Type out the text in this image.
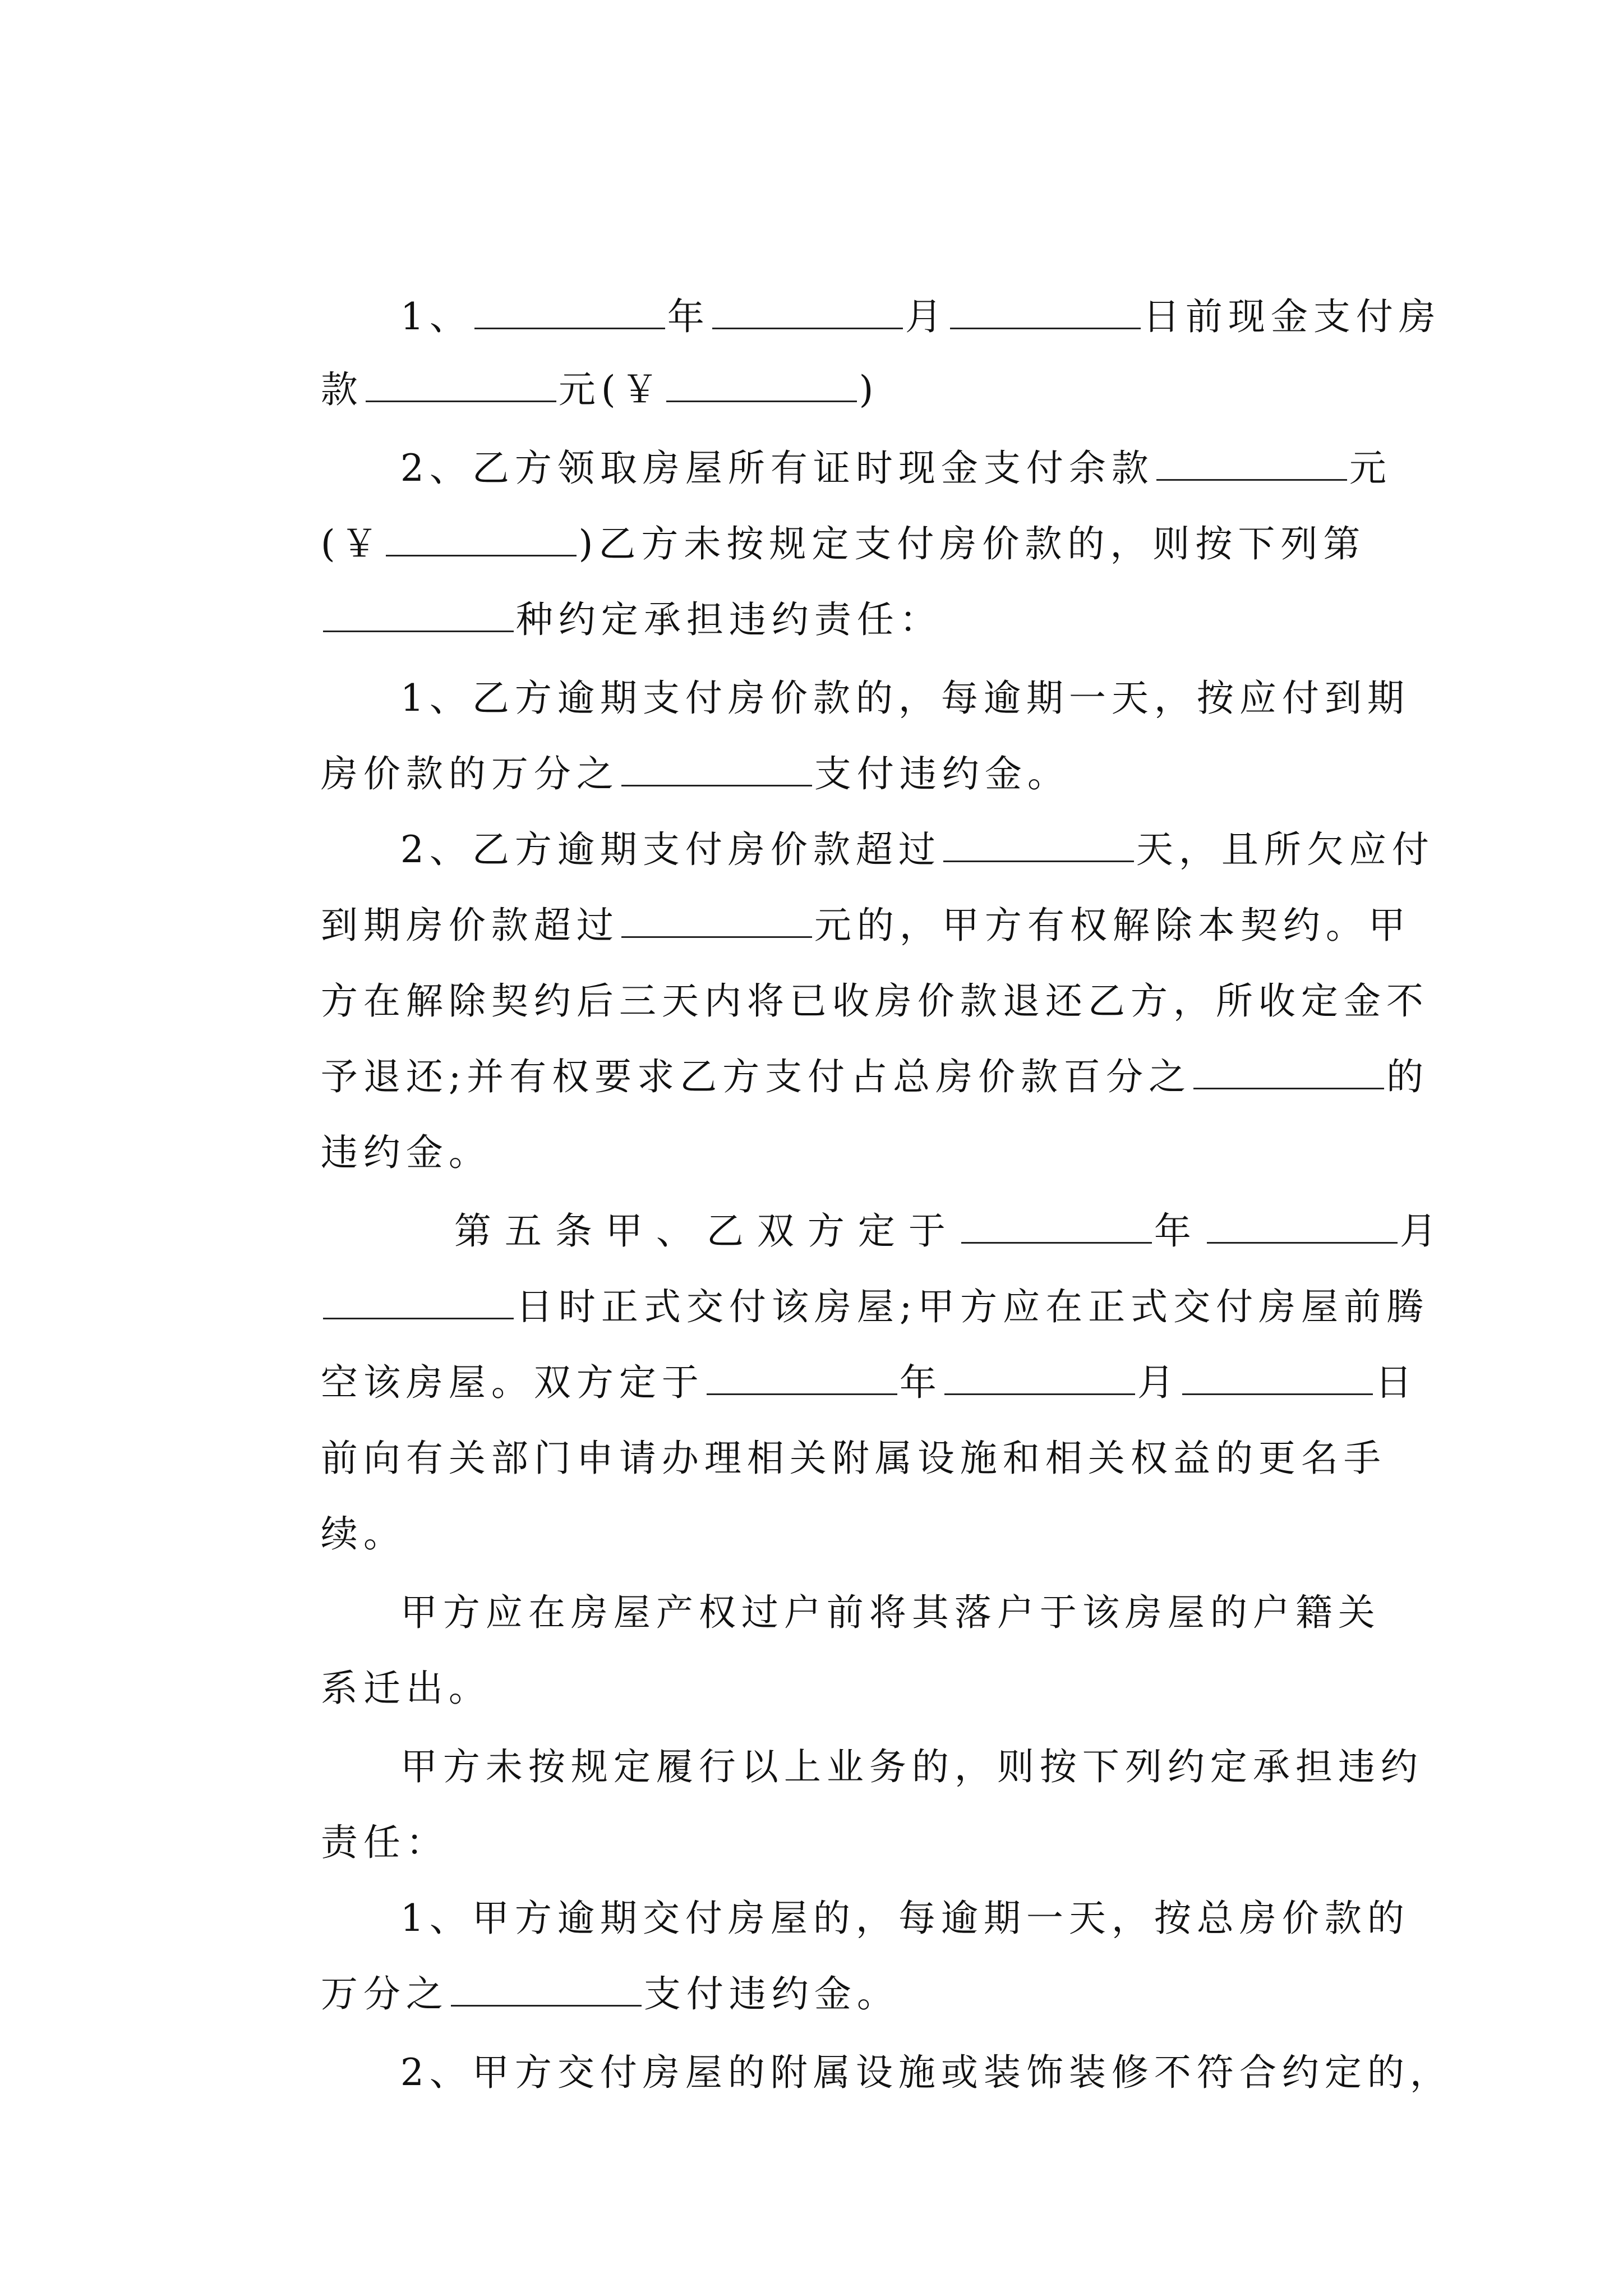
1、	年	月	日前现金支付房

款	元(￥	)

2、乙方领取房屋所有证时现金支付余款	元

(￥	)乙方未按规定支付房价款的，则按下列第

种约定承担违约责任：

1、乙方逾期支付房价款的，每逾期一天，按应付到期

房价款的万分之	支付违约金。

2、乙方逾期支付房价款超过	天，且所欠应付

到期房价款超过	元的，甲方有权解除本契约。甲

方在解除契约后三天内将已收房价款退还乙方，所收定金不

予退还;并有权要求乙方支付占总房价款百分之	的

违约金。

第五条甲、乙双方定于	年	月

日时正式交付该房屋;甲方应在正式交付房屋前腾

空该房屋。双方定于	年	月	日

前向有关部门申请办理相关附属设施和相关权益的更名手

续。

甲方应在房屋产权过户前将其落户于该房屋的户籍关

系迁出。

甲方未按规定履行以上业务的，则按下列约定承担违约

责任：

1、甲方逾期交付房屋的，每逾期一天，按总房价款的

万分之	支付违约金。

2、甲方交付房屋的附属设施或装饰装修不符合约定的，
